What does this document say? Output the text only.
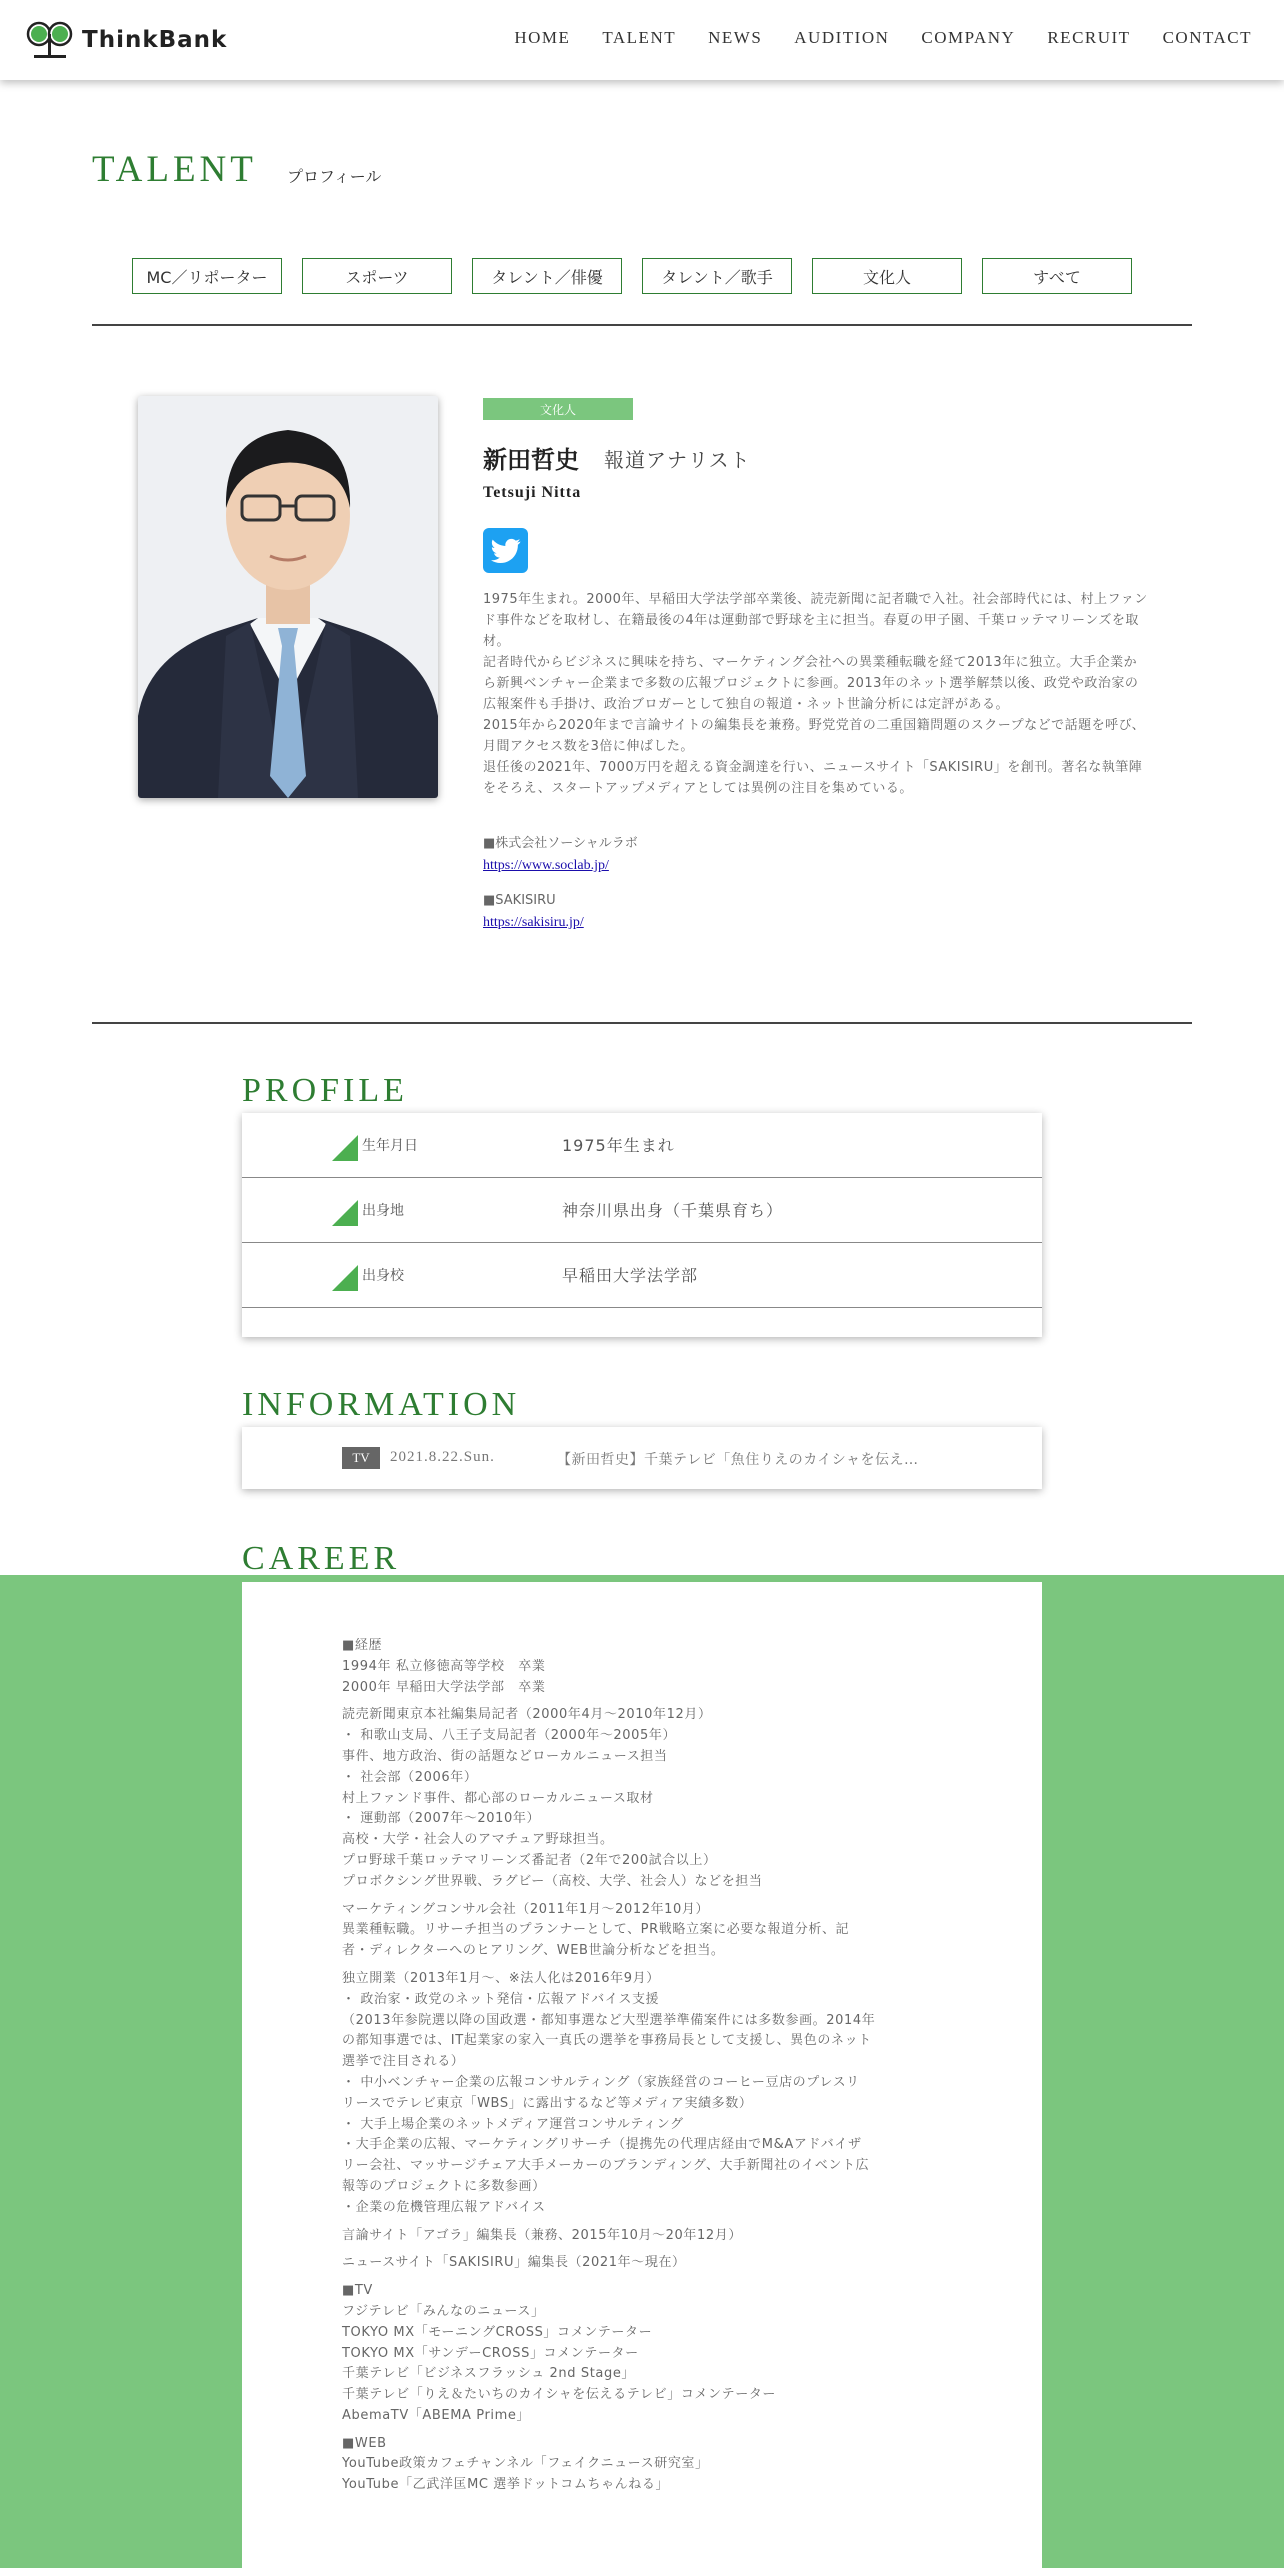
ThinkBank	HOME TALENT NEWS AUDITION COMPANY RECRUIT CONTACT
TALENT プロフィール
MC／リポーター	スポーツ	タレント／俳優	タレント／歌手	文化人	すべて
文化人
新田哲史 報道アナリスト
Tetsuji Nitta
1975年生まれ。2000年、早稲田大学法学部卒業後、読売新聞に記者職で入社。社会部時代には、村上ファンド事件などを取材し、在籍最後の4年は運動部で野球を主に担当。春夏の甲子園、千葉ロッテマリーンズを取材。
記者時代からビジネスに興味を持ち、マーケティング会社への異業種転職を経て2013年に独立。大手企業から新興ベンチャー企業まで多数の広報プロジェクトに参画。2013年のネット選挙解禁以後、政党や政治家の広報案件も手掛け、政治ブロガーとして独自の報道・ネット世論分析には定評がある。
2015年から2020年まで言論サイトの編集長を兼務。野党党首の二重国籍問題のスクープなどで話題を呼び、月間アクセス数を3倍に伸ばした。
退任後の2021年、7000万円を超える資金調達を行い、ニュースサイト「SAKISIRU」を創刊。著名な執筆陣をそろえ、スタートアップメディアとしては異例の注目を集めている。
■株式会社ソーシャルラボ
https://www.soclab.jp/
■SAKISIRU
https://sakisiru.jp/
PROFILE
生年月日	1975年生まれ
出身地	神奈川県出身（千葉県育ち）
出身校	早稲田大学法学部
INFORMATION
TV	2021.8.22.Sun.	【新田哲史】千葉テレビ「魚住りえのカイシャを伝え…
CAREER
■経歴
1994年 私立修徳高等学校　卒業
2000年 早稲田大学法学部　卒業
読売新聞東京本社編集局記者（2000年4月～2010年12月）
・ 和歌山支局、八王子支局記者（2000年～2005年）
事件、地方政治、街の話題などローカルニュース担当
・ 社会部（2006年）
村上ファンド事件、都心部のローカルニュース取材
・ 運動部（2007年～2010年）
高校・大学・社会人のアマチュア野球担当。
プロ野球千葉ロッテマリーンズ番記者（2年で200試合以上）
プロボクシング世界戦、ラグビー（高校、大学、社会人）などを担当
マーケティングコンサル会社（2011年1月～2012年10月）
異業種転職。リサーチ担当のプランナーとして、PR戦略立案に必要な報道分析、記
者・ディレクターへのヒアリング、WEB世論分析などを担当。
独立開業（2013年1月～、※法人化は2016年9月）
・ 政治家・政党のネット発信・広報アドバイス支援
（2013年参院選以降の国政選・都知事選など大型選挙準備案件には多数参画。2014年
の都知事選では、IT起業家の家入一真氏の選挙を事務局長として支援し、異色のネット
選挙で注目される）
・ 中小ベンチャー企業の広報コンサルティング（家族経営のコーヒー豆店のプレスリ
リースでテレビ東京「WBS」に露出するなど等メディア実績多数）
・ 大手上場企業のネットメディア運営コンサルティング
・大手企業の広報、マーケティングリサーチ（提携先の代理店経由でM&Aアドバイザ
リー会社、マッサージチェア大手メーカーのブランディング、大手新聞社のイベント広
報等のプロジェクトに多数参画）
・企業の危機管理広報アドバイス
言論サイト「アゴラ」編集長（兼務、2015年10月～20年12月）
ニュースサイト「SAKISIRU」編集長（2021年～現在）
■TV
フジテレビ「みんなのニュース」
TOKYO MX「モーニングCROSS」コメンテーター
TOKYO MX「サンデーCROSS」コメンテーター
千葉テレビ「ビジネスフラッシュ 2nd Stage」
千葉テレビ「りえ＆たいちのカイシャを伝えるテレビ」コメンテーター
AbemaTV「ABEMA Prime」
■WEB
YouTube政策カフェチャンネル「フェイクニュース研究室」
YouTube「乙武洋匡MC 選挙ドットコムちゃんねる」
